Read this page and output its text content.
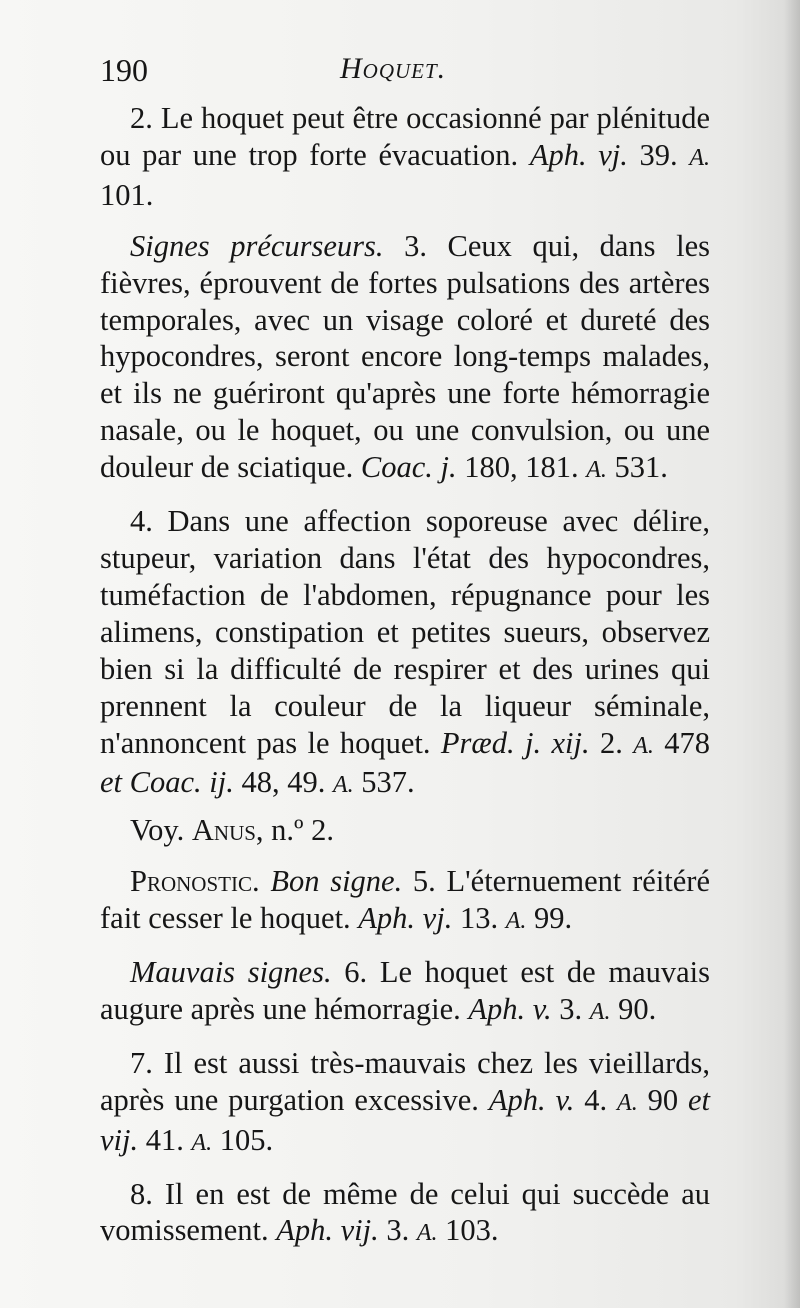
190	Hoquet.

2. Le hoquet peut être occasionné par plénitude ou par une trop forte évacuation. Aph. vj. 39. A. 101.

Signes précurseurs. 3. Ceux qui, dans les fièvres, éprouvent de fortes pulsations des artères temporales, avec un visage coloré et dureté des hypocondres, seront encore long-temps malades, et ils ne guériront qu'après une forte hémorragie nasale, ou le hoquet, ou une convulsion, ou une douleur de sciatique. Coac. j. 180, 181. A. 531.

4. Dans une affection soporeuse avec délire, stupeur, variation dans l'état des hypocondres, tuméfaction de l'abdomen, répugnance pour les alimens, constipation et petites sueurs, observez bien si la difficulté de respirer et des urines qui prennent la couleur de la liqueur séminale, n'annoncent pas le hoquet. Præd. j. xij. 2. A. 478 et Coac. ij. 48, 49. A. 537.

Voy. Anus, n.º 2.

Pronostic. Bon signe. 5. L'éternuement réitéré fait cesser le hoquet. Aph. vj. 13. A. 99.

Mauvais signes. 6. Le hoquet est de mauvais augure après une hémorragie. Aph. v. 3. A. 90.

7. Il est aussi très-mauvais chez les vieillards, après une purgation excessive. Aph. v. 4. A. 90 et vij. 41. A. 105.

8. Il en est de même de celui qui succède au vomissement. Aph. vij. 3. A. 103.
